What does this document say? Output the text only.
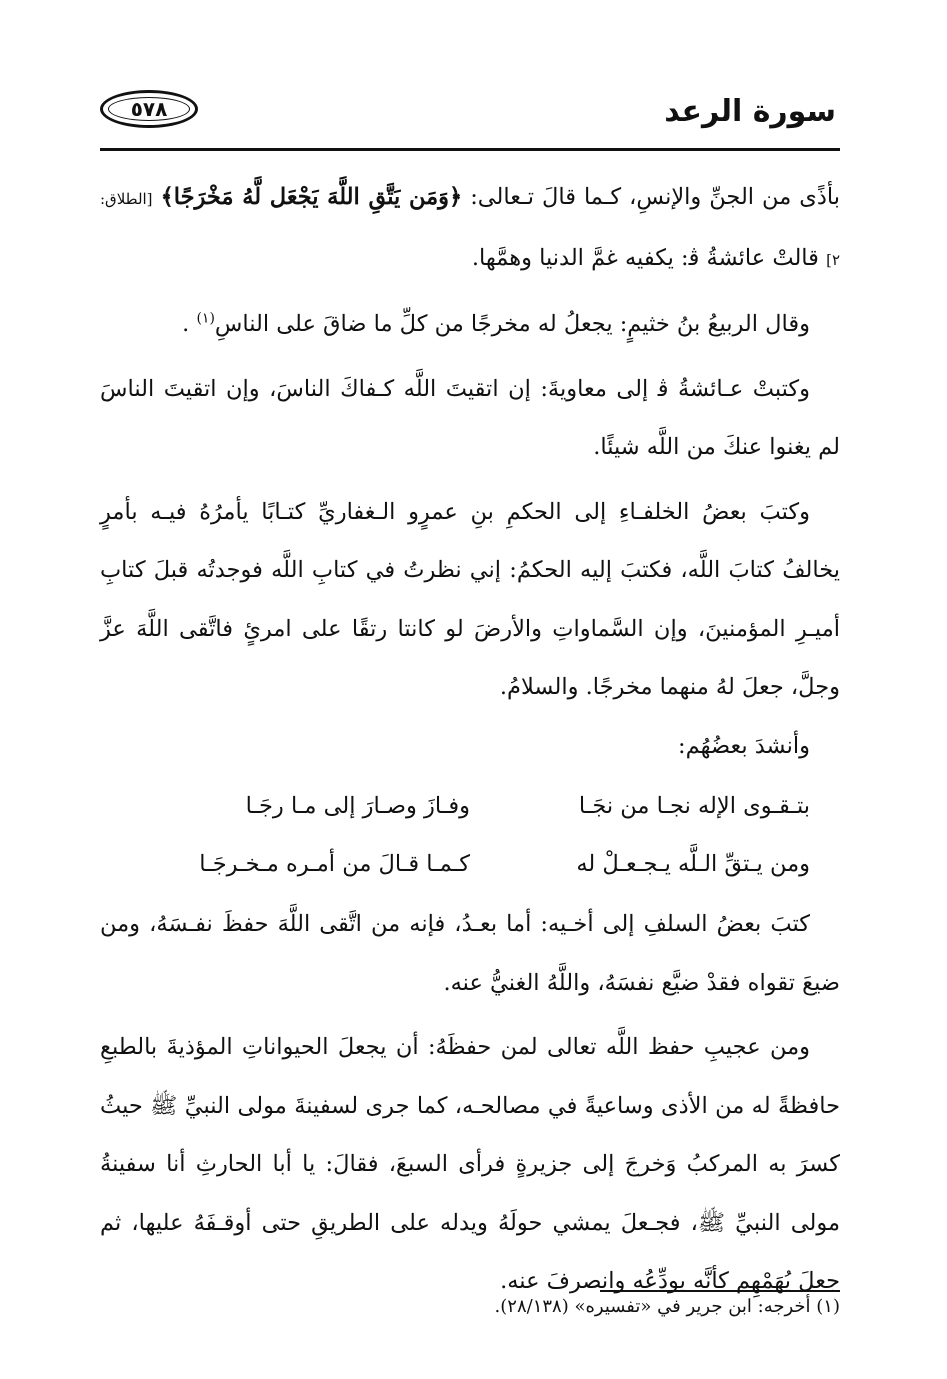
٥٧٨	سورة الرعد

بأذًى من الجنِّ والإنسِ، كـما قالَ تـعالى: ﴿وَمَن يَتَّقِ اللَّهَ يَجْعَل لَّهُ مَخْرَجًا﴾ [الطلاق: ٢] قالتْ عائشةُ ﭬ: يكفيه غمَّ الدنيا وهمَّها.

وقال الربيعُ بنُ خثيمٍ: يجعلُ له مخرجًا من كلِّ ما ضاقَ على الناسِ$^{(١)}$ .

وكتبتْ عـائشةُ ﭬ إلى معاويةَ: إن اتقيتَ اللَّه كـفاكَ الناسَ، وإن اتقيتَ الناسَ لم يغنوا عنكَ من اللَّه شيئًا.

وكتبَ بعضُ الخلفـاءِ إلى الحكمِ بنِ عمرٍو الـغفاريِّ كتـابًا يأمرُهُ فيـه بأمرٍ يخالفُ كتابَ اللَّه، فكتبَ إليه الحكمُ: إني نظرتُ في كتابِ اللَّه فوجدتُه قبلَ كتابِ أميـرِ المؤمنينَ، وإن السَّماواتِ والأرضَ لو كانتا رتقًا على امرئٍ فاتَّقى اللَّهَ عزَّ وجلَّ، جعلَ لهُ منهما مخرجًا. والسلامُ.

وأنشدَ بعضُهُم:

بتـقـوى الإله نجـا من نجَـا
وفـازَ وصـارَ إلى مـا رجَـا
ومن يـتقِّ الـلَّه يـجـعـلْ له
كـمـا قـالَ من أمـره مـخـرجَـا

كتبَ بعضُ السلفِ إلى أخـيه: أما بعـدُ، فإنه من اتَّقى اللَّهَ حفظَ نفـسَهُ، ومن ضيعَ تقواه فقدْ ضيَّع نفسَهُ، واللَّهُ الغنيُّ عنه.

ومن عجيبِ حفظ اللَّه تعالى لمن حفظَهُ: أن يجعلَ الحيواناتِ المؤذيةَ بالطبعِ حافظةً له من الأذى وساعيةً في مصالحـه، كما جرى لسفينةَ مولى النبيِّ ﷺ حيثُ كسرَ به المركبُ وَخرجَ إلى جزيرةٍ فرأى السبعَ، فقالَ: يا أبا الحارثِ أنا سفينةُ مولى النبيِّ ﷺ، فجـعلَ يمشي حولَهُ ويدله على الطريقِ حتى أوقـفَهُ عليها، ثم جعلَ يُهَمْهِم كأنَّه يودِّعُه وانصرفَ عنه.

(١) أخرجه: ابن جرير في «تفسيره» (٢٨/١٣٨).
